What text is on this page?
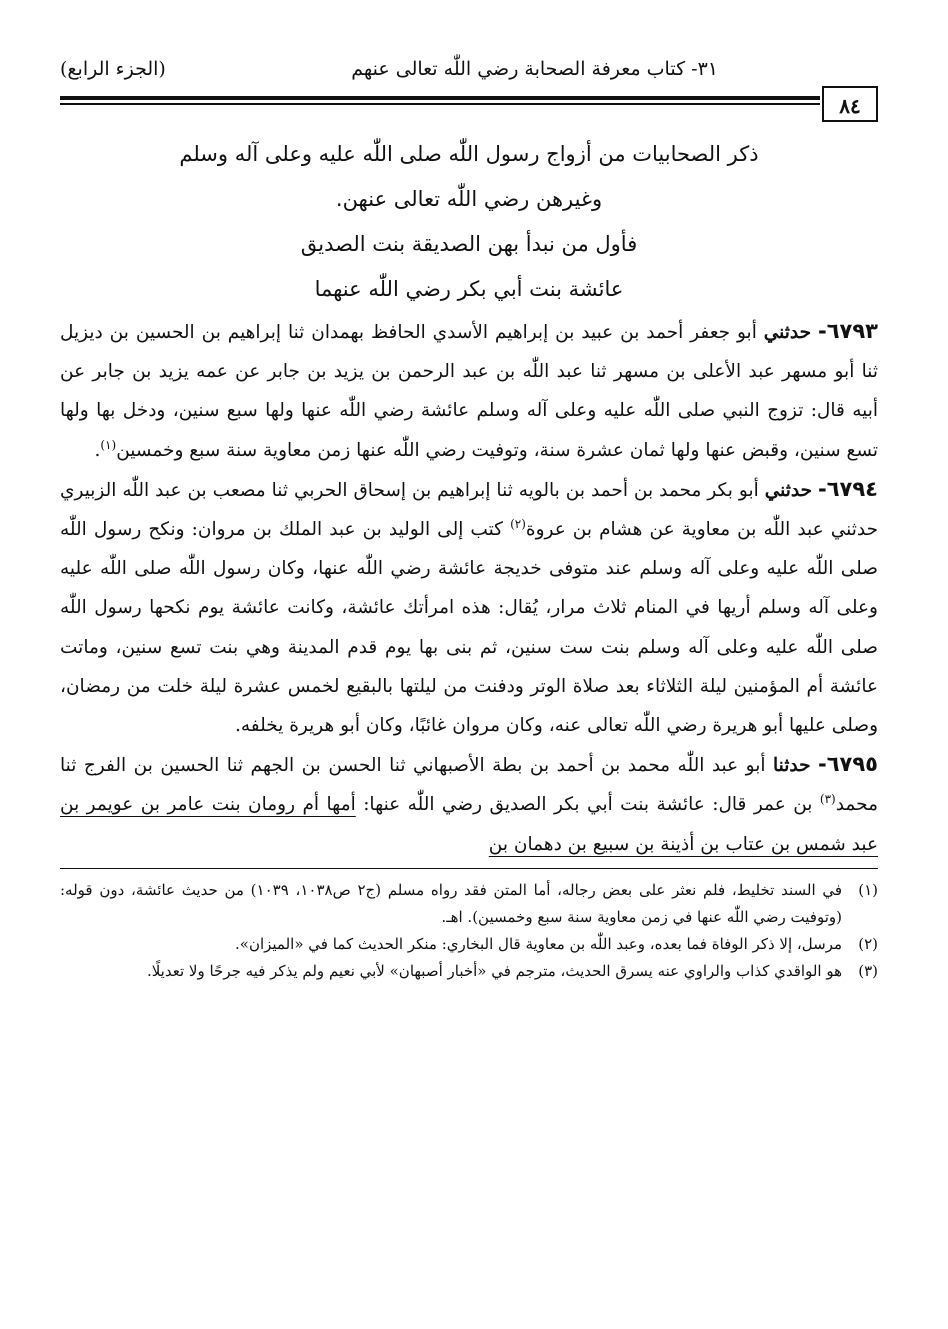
٣١- كتاب معرفة الصحابة رضي اللّٰه تعالى عنهم
(الجزء الرابع)
٨٤

ذكر الصحابيات من أزواج رسول اللّٰه صلى اللّٰه عليه وعلى آله وسلم

وغيرهن رضي اللّٰه تعالى عنهن.

فأول من نبدأ بهن الصديقة بنت الصديق

عائشة بنت أبي بكر رضي اللّٰه عنهما

٦٧٩٣- حدثني أبو جعفر أحمد بن عبيد بن إبراهيم الأسدي الحافظ بهمدان ثنا إبراهيم بن الحسين بن ديزيل ثنا أبو مسهر عبد الأعلى بن مسهر ثنا عبد اللّٰه بن عبد الرحمن بن يزيد بن جابر عن عمه يزيد بن جابر عن أبيه قال: تزوج النبي صلى اللّٰه عليه وعلى آله وسلم عائشة رضي اللّٰه عنها ولها سبع سنين، ودخل بها ولها تسع سنين، وقبض عنها ولها ثمان عشرة سنة، وتوفيت رضي اللّٰه عنها زمن معاوية سنة سبع وخمسين$^{(١)}$.

٦٧٩٤- حدثني أبو بكر محمد بن أحمد بن بالويه ثنا إبراهيم بن إسحاق الحربي ثنا مصعب بن عبد اللّٰه الزبيري حدثني عبد اللّٰه بن معاوية عن هشام بن عروة$^{(٢)}$ كتب إلى الوليد بن عبد الملك بن مروان: ونكح رسول اللّٰه صلى اللّٰه عليه وعلى آله وسلم عند متوفى خديجة عائشة رضي اللّٰه عنها، وكان رسول اللّٰه صلى اللّٰه عليه وعلى آله وسلم أريها في المنام ثلاث مرار، يُقال: هذه امرأتك عائشة، وكانت عائشة يوم نكحها رسول اللّٰه صلى اللّٰه عليه وعلى آله وسلم بنت ست سنين، ثم بنى بها يوم قدم المدينة وهي بنت تسع سنين، وماتت عائشة أم المؤمنين ليلة الثلاثاء بعد صلاة الوتر ودفنت من ليلتها بالبقيع لخمس عشرة ليلة خلت من رمضان، وصلى عليها أبو هريرة رضي اللّٰه تعالى عنه، وكان مروان غائبًا، وكان أبو هريرة يخلفه.

٦٧٩٥- حدثنا أبو عبد اللّٰه محمد بن أحمد بن بطة الأصبهاني ثنا الحسن بن الجهم ثنا الحسين بن الفرج ثنا محمد$^{(٣)}$ بن عمر قال: عائشة بنت أبي بكر الصديق رضي اللّٰه عنها: أمها أم رومان بنت عامر بن عويمر بن عبد شمس بن عتاب بن أذينة بن سبيع بن دهمان بن

(١)
في السند تخليط، فلم نعثر على بعض رجاله، أما المتن فقد رواه مسلم (ج٢ ص١٠٣٨، ١٠٣٩) من حديث عائشة، دون قوله: (وتوفيت رضي اللّٰه عنها في زمن معاوية سنة سبع وخمسين). اهـ.

(٢)
مرسل، إلا ذكر الوفاة فما بعده، وعبد اللّٰه بن معاوية قال البخاري: منكر الحديث كما في «الميزان».

(٣)
هو الواقدي كذاب والراوي عنه يسرق الحديث، مترجم في «أخبار أصبهان» لأبي نعيم ولم يذكر فيه جرحًا ولا تعديلًا.
